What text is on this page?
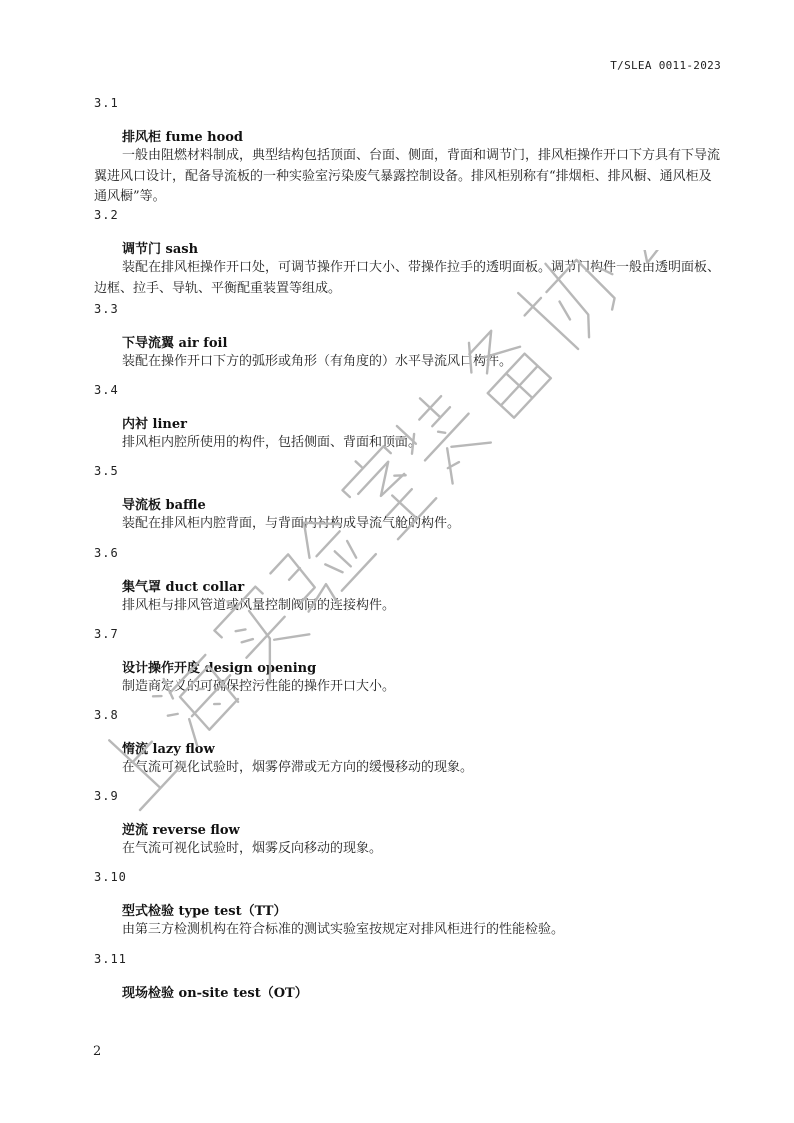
T/SLEA 0011-2023
3.1
排风柜 fume hood

一般由阻燃材料制成，典型结构包括顶面、台面、侧面，背面和调节门，排风柜操作开口下方具有下导流翼进风口设计，配备导流板的一种实验室污染废气暴露控制设备。排风柜别称有“排烟柜、排风橱、通风柜及通风橱”等。

3.2
调节门 sash

装配在排风柜操作开口处，可调节操作开口大小、带操作拉手的透明面板。调节门构件一般由透明面板、边框、拉手、导轨、平衡配重装置等组成。

3.3
下导流翼 air foil

装配在操作开口下方的弧形或角形（有角度的）水平导流风口构件。

3.4
内衬 liner

排风柜内腔所使用的构件，包括侧面、背面和顶面。

3.5
导流板 baffle

装配在排风柜内腔背面，与背面内衬构成导流气舱的构件。

3.6
集气罩 duct collar

排风柜与排风管道或风量控制阀间的连接构件。

3.7
设计操作开度 design opening

制造商定义的可确保控污性能的操作开口大小。

3.8
惰流 lazy flow

在气流可视化试验时，烟雾停滞或无方向的缓慢移动的现象。

3.9
逆流 reverse flow

在气流可视化试验时，烟雾反向移动的现象。

3.10
型式检验 type test（TT）

由第三方检测机构在符合标准的测试实验室按规定对排风柜进行的性能检验。

3.11
现场检验 on-site test（OT）
2
